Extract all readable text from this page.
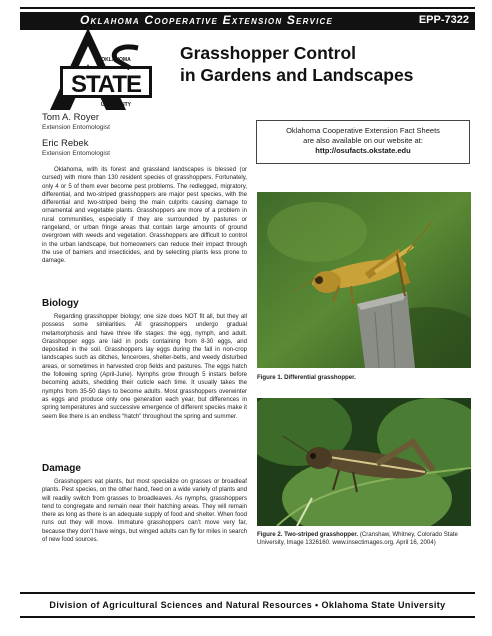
Oklahoma Cooperative Extension Service	EPP-7322
STATE
OKLAHOMA
UNIVERSITY
Grasshopper Control
in Gardens and Landscapes
Tom A. Royer
Extension Entomologist
Eric Rebek
Extension Entomologist
Oklahoma Cooperative Extension Fact Sheets
are also available on our website at:
http://osufacts.okstate.edu

Oklahoma, with its forest and grassland landscapes is blessed (or cursed) with more than 130 resident species of grasshoppers. Fortunately, only 4 or 5 of them ever become pest problems. The redlegged, migratory, differential, and two-striped grasshoppers are major pest species, with the differential and two-striped being the main culprits causing damage to ornamental and vegetable plants. Grasshoppers are more of a problem in rural communities, especially if they are surrounded by pastures or rangeland, or urban fringe areas that contain large amounts of ground overgrown with weeds and vegetation. Grasshoppers are difficult to control in the urban landscape, but homeowners can reduce their impact through the use of barriers and insecticides, and by selecting plants less prone to damage.

Biology

Regarding grasshopper biology; one size does NOT fit all, but they all possess some similarities. All grasshoppers undergo gradual metamorphosis and have three life stages: the egg, nymph, and adult. Grasshopper eggs are laid in pods containing from 8-30 eggs, and deposited in the soil. Grasshoppers lay eggs during the fall in non-crop landscapes such as ditches, fencerows, shelter-belts, and weedy disturbed areas, or sometimes in harvested crop fields and pastures. The eggs hatch the following spring (April-June). Nymphs grow through 5 instars before becoming adults, shedding their cuticle each time. It usually takes the nymphs from 35-50 days to become adults. Most grasshoppers overwinter as eggs and produce only one generation each year, but differences in spring temperatures and successive emergence of different species make it seem like there is an endless “hatch” throughout the spring and summer.

Damage

Grasshoppers eat plants, but most specialize on grasses or broadleaf plants. Pest species, on the other hand, feed on a wide variety of plants and will readily switch from grasses to broadleaves. As nymphs, grasshoppers tend to congregate and remain near their hatching areas. They will remain there as long as there is an adequate supply of food and shelter. When food runs out they will move. Immature grasshoppers can’t move very far, because they don’t have wings, but winged adults can fly for miles in search of new food sources.

Figure 1. Differential grasshopper.
Figure 2. Two-striped grasshopper. (Cranshaw, Whitney, Colorado State University, Image 1326160. www.insectimages.org. April 16, 2004)
Division of Agricultural Sciences and Natural Resources • Oklahoma State University
